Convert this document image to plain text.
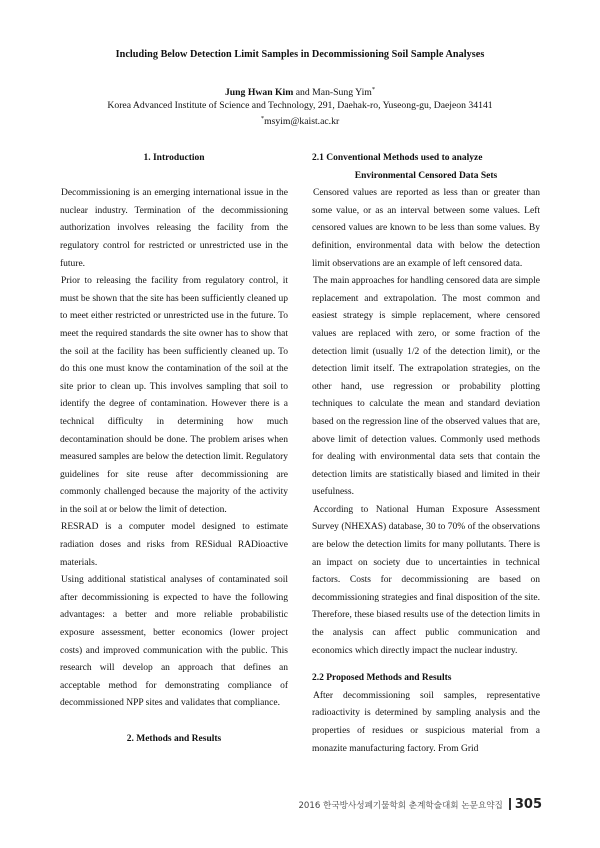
Including Below Detection Limit Samples in Decommissioning Soil Sample Analyses
Jung Hwan Kim and Man-Sung Yim*
Korea Advanced Institute of Science and Technology, 291, Daehak-ro, Yuseong-gu, Daejeon 34141
*msyim@kaist.ac.kr
1. Introduction

Decommissioning is an emerging international issue in the nuclear industry. Termination of the decommissioning authorization involves releasing the facility from the regulatory control for restricted or unrestricted use in the future.

Prior to releasing the facility from regulatory control, it must be shown that the site has been sufficiently cleaned up to meet either restricted or unrestricted use in the future. To meet the required standards the site owner has to show that the soil at the facility has been sufficiently cleaned up. To do this one must know the contamination of the soil at the site prior to clean up. This involves sampling that soil to identify the degree of contamination. However there is a technical difficulty in determining how much decontamination should be done. The problem arises when measured samples are below the detection limit. Regulatory guidelines for site reuse after decommissioning are commonly challenged because the majority of the activity in the soil at or below the limit of detection.

RESRAD is a computer model designed to estimate radiation doses and risks from RESidual RADioactive materials.

Using additional statistical analyses of contaminated soil after decommissioning is expected to have the following advantages: a better and more reliable probabilistic exposure assessment, better economics (lower project costs) and improved communication with the public. This research will develop an approach that defines an acceptable method for demonstrating compliance of decommissioned NPP sites and validates that compliance.

2. Methods and Results
2.1 Conventional Methods used to analyze
Environmental Censored Data Sets

Censored values are reported as less than or greater than some value, or as an interval between some values. Left censored values are known to be less than some values. By definition, environmental data with below the detection limit observations are an example of left censored data.

The main approaches for handling censored data are simple replacement and extrapolation. The most common and easiest strategy is simple replacement, where censored values are replaced with zero, or some fraction of the detection limit (usually 1/2 of the detection limit), or the detection limit itself. The extrapolation strategies, on the other hand, use regression or probability plotting techniques to calculate the mean and standard deviation based on the regression line of the observed values that are, above limit of detection values. Commonly used methods for dealing with environmental data sets that contain the detection limits are statistically biased and limited in their usefulness.

According to National Human Exposure Assessment Survey (NHEXAS) database, 30 to 70% of the observations are below the detection limits for many pollutants. There is an impact on society due to uncertainties in technical factors. Costs for decommissioning are based on decommissioning strategies and final disposition of the site. Therefore, these biased results use of the detection limits in the analysis can affect public communication and economics which directly impact the nuclear industry.

2.2 Proposed Methods and Results

After decommissioning soil samples, representative radioactivity is determined by sampling analysis and the properties of residues or suspicious material from a monazite manufacturing factory. From Grid

2016 한국방사성폐기물학회 춘계학술대회 논문요약집 305
